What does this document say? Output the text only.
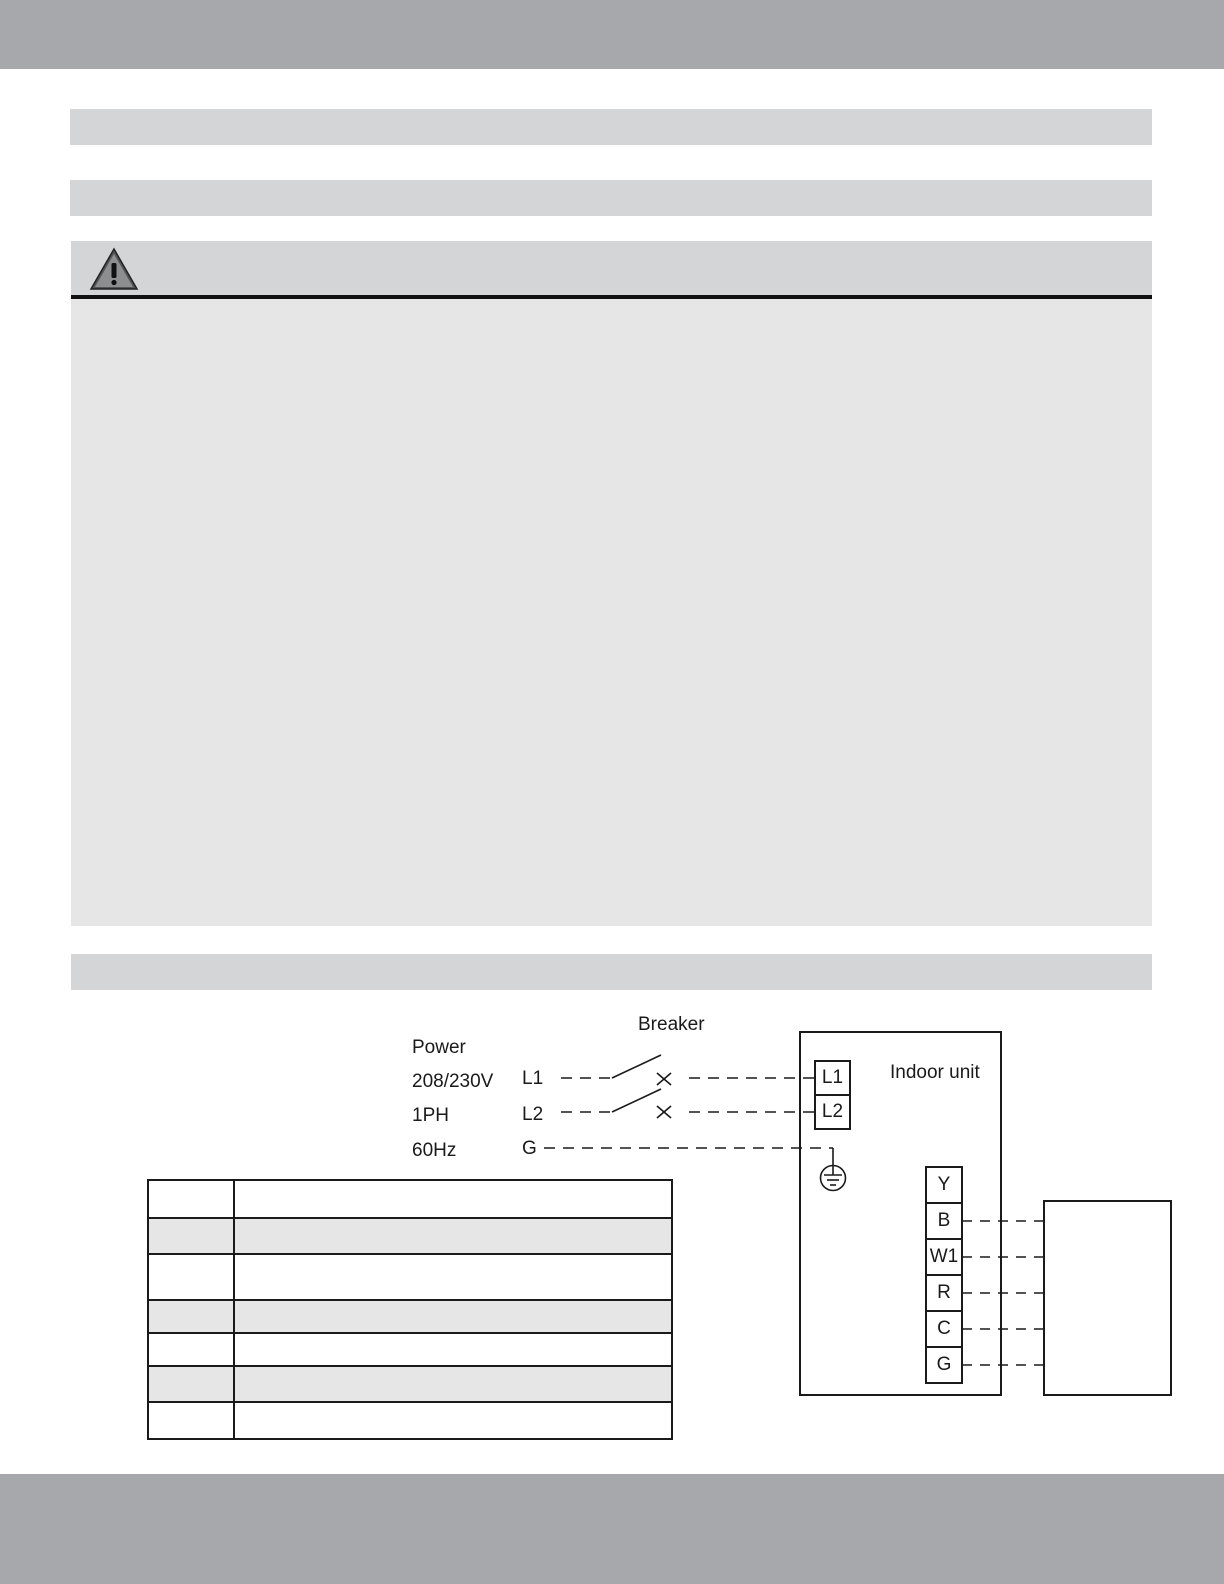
Breaker
Power
208/230V
1PH
60Hz
L1
L2
G
Indoor unit
L1
L2
Y
B
W1
R
C
G
